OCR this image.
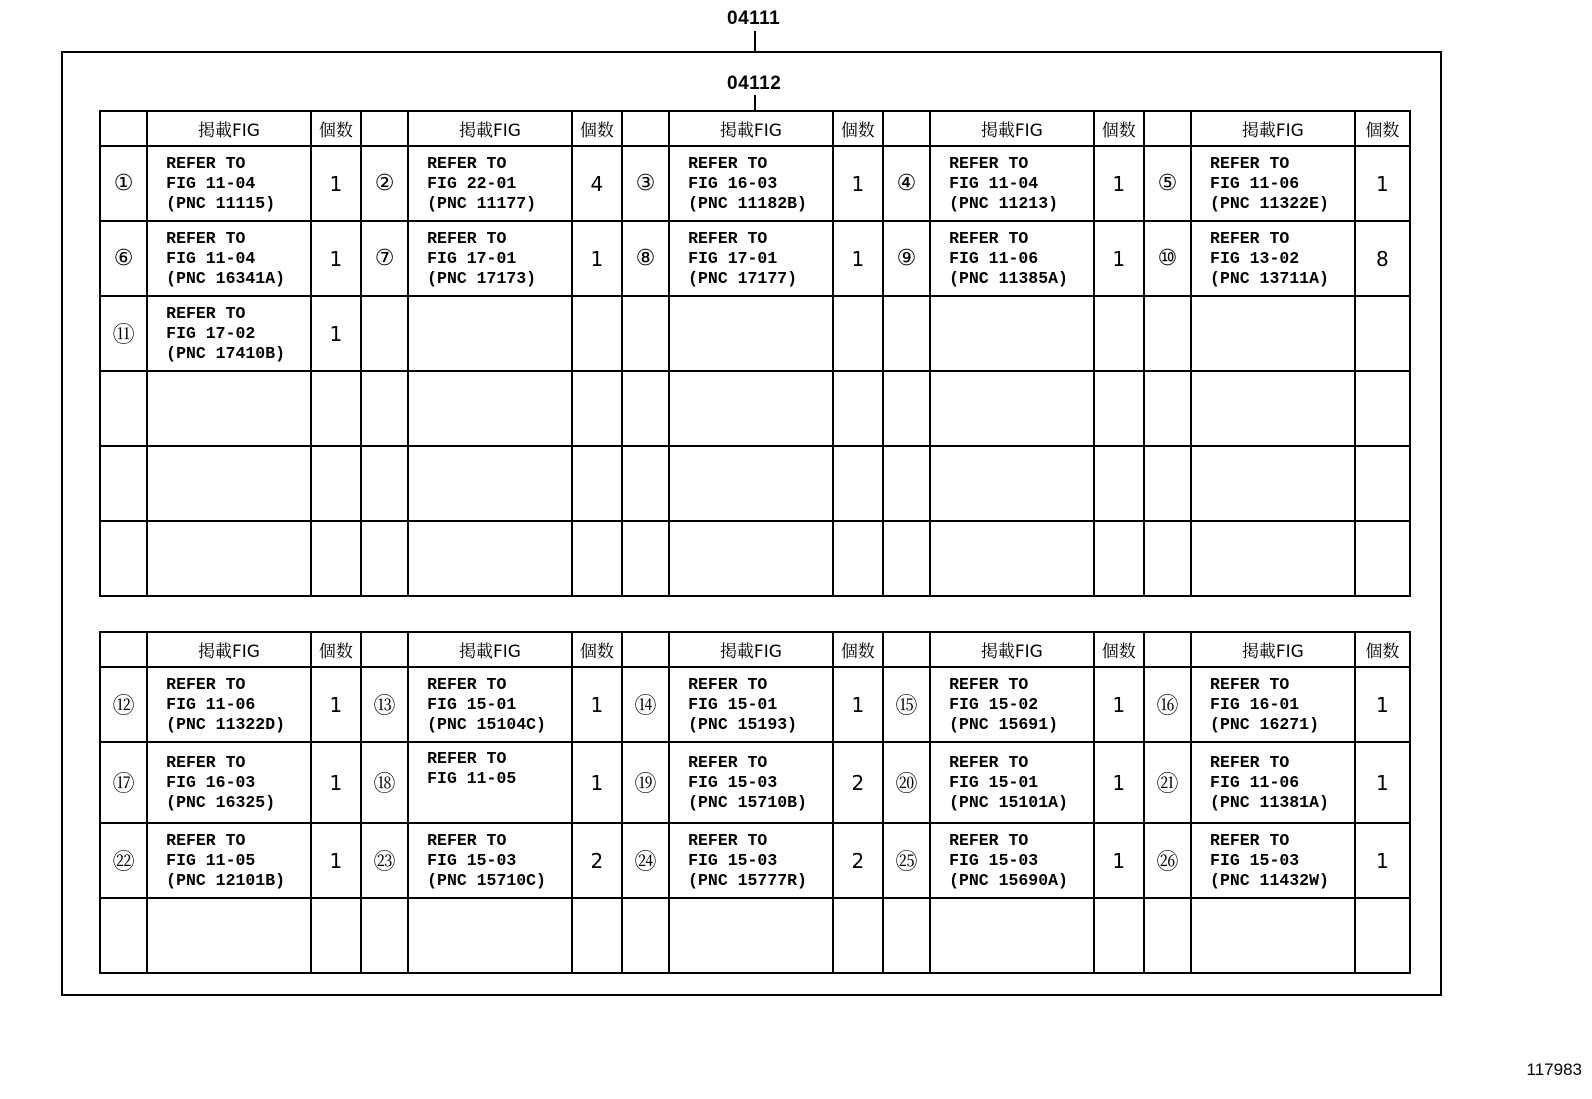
04111
04112
	掲載FIG	個数		掲載FIG	個数		掲載FIG	個数		掲載FIG	個数		掲載FIG	個数
①	REFER TO
FIG 11-04
(PNC 11115)	1	②	REFER TO
FIG 22-01
(PNC 11177)	4	③	REFER TO
FIG 16-03
(PNC 11182B)	1	④	REFER TO
FIG 11-04
(PNC 11213)	1	⑤	REFER TO
FIG 11-06
(PNC 11322E)	1
⑥	REFER TO
FIG 11-04
(PNC 16341A)	1	⑦	REFER TO
FIG 17-01
(PNC 17173)	1	⑧	REFER TO
FIG 17-01
(PNC 17177)	1	⑨	REFER TO
FIG 11-06
(PNC 11385A)	1	⑩	REFER TO
FIG 13-02
(PNC 13711A)	8
⑪	REFER TO
FIG 17-02
(PNC 17410B)	1												

	掲載FIG	個数		掲載FIG	個数		掲載FIG	個数		掲載FIG	個数		掲載FIG	個数
⑫	REFER TO
FIG 11-06
(PNC 11322D)	1	⑬	REFER TO
FIG 15-01
(PNC 15104C)	1	⑭	REFER TO
FIG 15-01
(PNC 15193)	1	⑮	REFER TO
FIG 15-02
(PNC 15691)	1	⑯	REFER TO
FIG 16-01
(PNC 16271)	1
⑰	REFER TO
FIG 16-03
(PNC 16325)	1	⑱	REFER TO
FIG 11-05	1	⑲	REFER TO
FIG 15-03
(PNC 15710B)	2	⑳	REFER TO
FIG 15-01
(PNC 15101A)	1	㉑	REFER TO
FIG 11-06
(PNC 11381A)	1
㉒	REFER TO
FIG 11-05
(PNC 12101B)	1	㉓	REFER TO
FIG 15-03
(PNC 15710C)	2	㉔	REFER TO
FIG 15-03
(PNC 15777R)	2	㉕	REFER TO
FIG 15-03
(PNC 15690A)	1	㉖	REFER TO
FIG 15-03
(PNC 11432W)	1

117983
